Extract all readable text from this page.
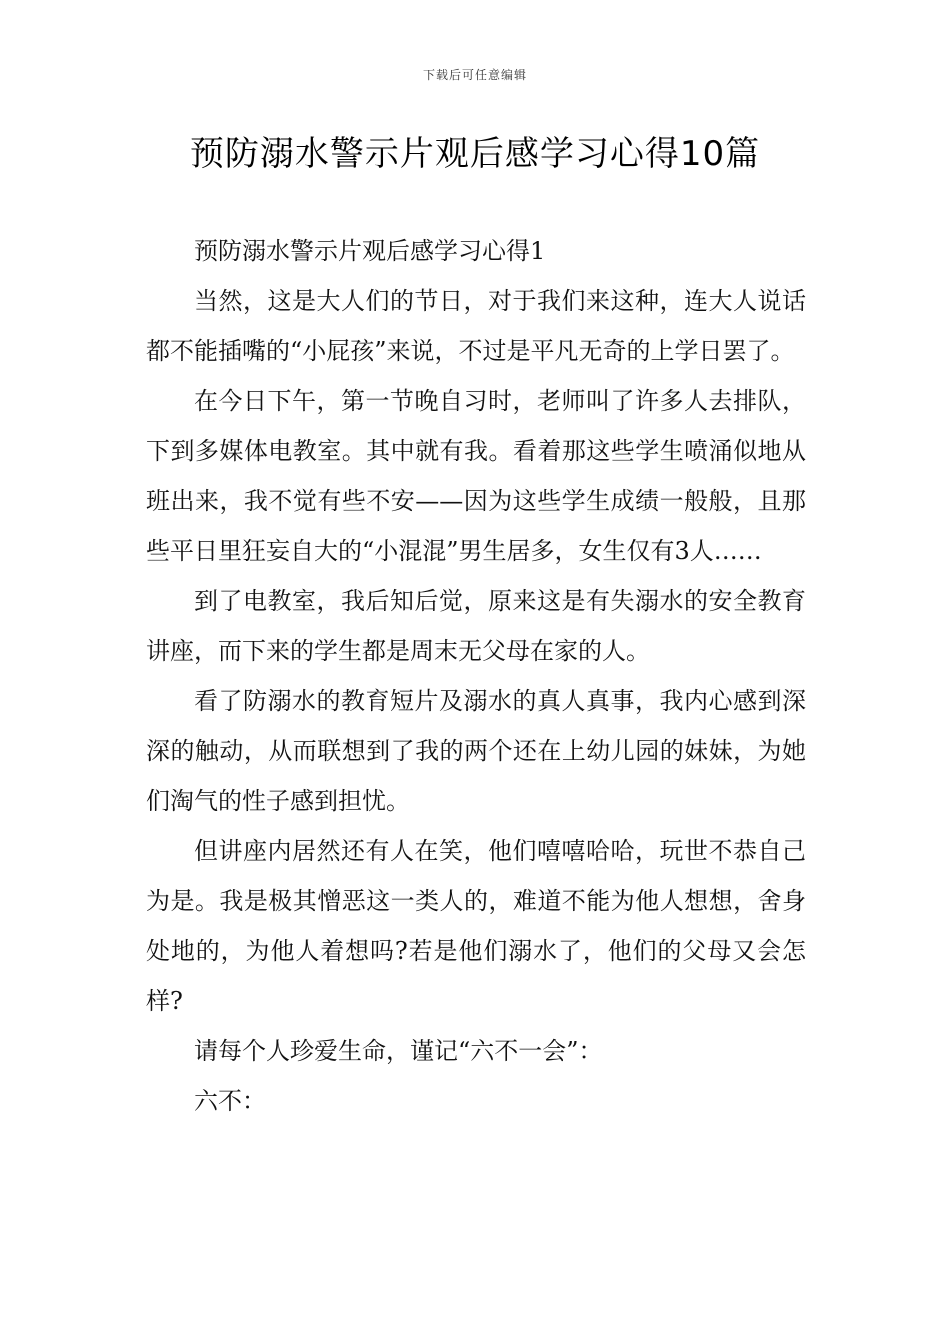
下载后可任意编辑
预防溺水警示片观后感学习心得10篇

预防溺水警示片观后感学习心得1

当然，这是大人们的节日，对于我们来这种，连大人说话都不能插嘴的“小屁孩”来说，不过是平凡无奇的上学日罢了。

在今日下午，第一节晚自习时，老师叫了许多人去排队，下到多媒体电教室。其中就有我。看着那这些学生喷涌似地从班出来，我不觉有些不安——因为这些学生成绩一般般，且那些平日里狂妄自大的“小混混”男生居多，女生仅有3人……

到了电教室，我后知后觉，原来这是有失溺水的安全教育讲座，而下来的学生都是周末无父母在家的人。

看了防溺水的教育短片及溺水的真人真事，我内心感到深深的触动，从而联想到了我的两个还在上幼儿园的妹妹，为她们淘气的性子感到担忧。

但讲座内居然还有人在笑，他们嘻嘻哈哈，玩世不恭自己为是。我是极其憎恶这一类人的，难道不能为他人想想，舍身处地的，为他人着想吗?若是他们溺水了，他们的父母又会怎样?

请每个人珍爱生命，谨记“六不一会”：

六不：
